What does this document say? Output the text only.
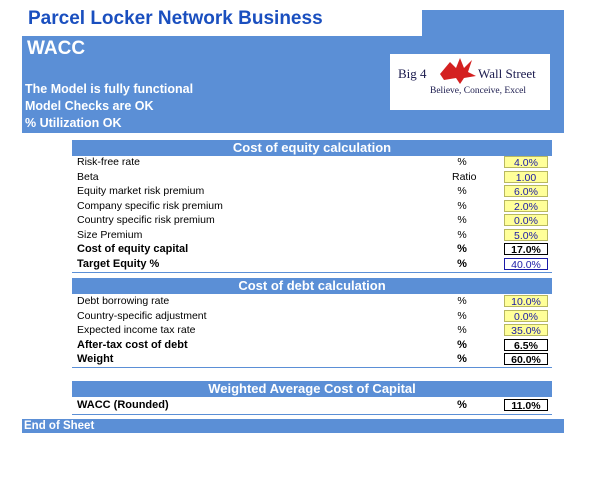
Parcel Locker Network Business
WACC
The Model is fully functional
Model Checks are OK
% Utilization OK
Big 4	Wall Street
Believe, Conceive, Excel
Cost of equity calculation
Risk-free rate	%	4.0%
Beta	Ratio	1.00
Equity market risk premium	%	6.0%
Company specific risk premium	%	2.0%
Country specific risk premium	%	0.0%
Size Premium	%	5.0%
Cost of equity capital	%	17.0%
Target Equity %	%	40.0%
Cost of debt calculation
Debt borrowing rate	%	10.0%
Country-specific adjustment	%	0.0%
Expected income tax rate	%	35.0%
After-tax cost of debt	%	6.5%
Weight	%	60.0%
Weighted Average Cost of Capital
WACC (Rounded)	%	11.0%
End of Sheet
